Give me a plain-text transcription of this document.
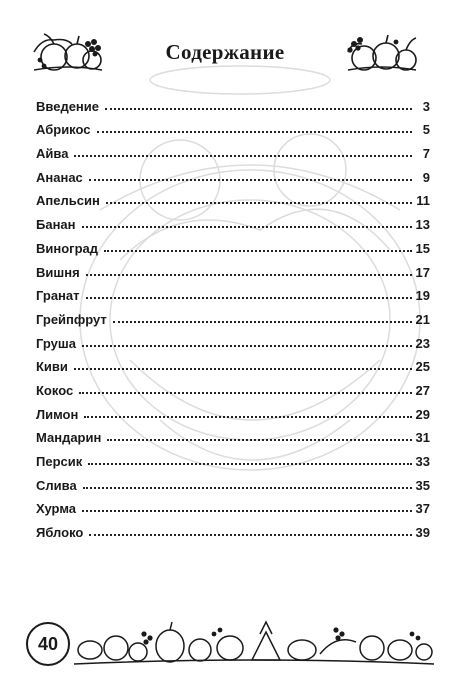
Содержание
Введение	3
Абрикос	5
Айва	7
Ананас	9
Апельсин	11
Банан	13
Виноград	15
Вишня	17
Гранат	19
Грейпфрут	21
Груша	23
Киви	25
Кокос	27
Лимон	29
Мандарин	31
Персик	33
Слива	35
Хурма	37
Яблоко	39
40
